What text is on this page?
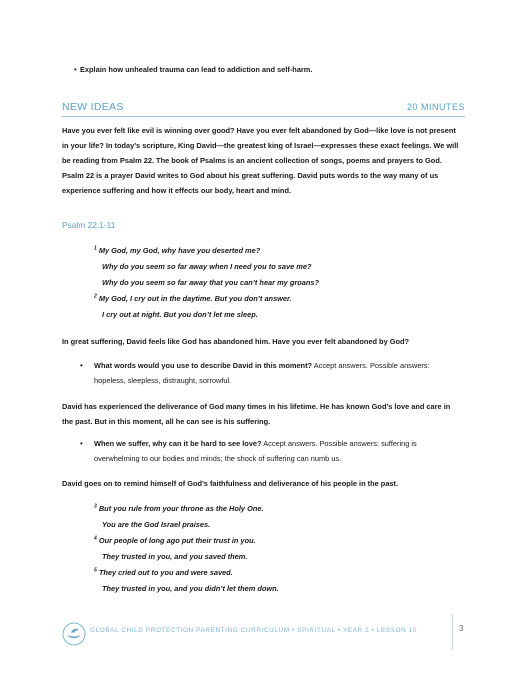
• Explain how unhealed trauma can lead to addiction and self-harm.
NEW IDEAS	20 MINUTES
Have you ever felt like evil is winning over good? Have you ever felt abandoned by God—like love is not present
in your life? In today’s scripture, King David—the greatest king of Israel—expresses these exact feelings. We will
be reading from Psalm 22. The book of Psalms is an ancient collection of songs, poems and prayers to God.
Psalm 22 is a prayer David writes to God about his great suffering. David puts words to the way many of us
experience suffering and how it effects our body, heart and mind.
Psalm 22:1-11
$^1$ My God, my God, why have you deserted me?
Why do you seem so far away when I need you to save me?
Why do you seem so far away that you can’t hear my groans?
$^2$ My God, I cry out in the daytime. But you don’t answer.
I cry out at night. But you don’t let me sleep.
In great suffering, David feels like God has abandoned him. Have you ever felt abandoned by God?
• What words would you use to describe David in this moment? Accept answers. Possible answers:
hopeless, sleepless, distraught, sorrowful.
David has experienced the deliverance of God many times in his lifetime. He has known God’s love and care in
the past. But in this moment, all he can see is his suffering.
• When we suffer, why can it be hard to see love? Accept answers. Possible answers: suffering is
overwhelming to our bodies and minds; the shock of suffering can numb us.
David goes on to remind himself of God’s faithfulness and deliverance of his people in the past.
$^3$ But you rule from your throne as the Holy One.
You are the God Israel praises.
$^4$ Our people of long ago put their trust in you.
They trusted in you, and you saved them.
$^5$ They cried out to you and were saved.
They trusted in you, and you didn’t let them down.
GLOBAL CHILD PROTECTION PARENTING CURRICULUM • SPIRITUAL • YEAR 2 • LESSON 10	3
